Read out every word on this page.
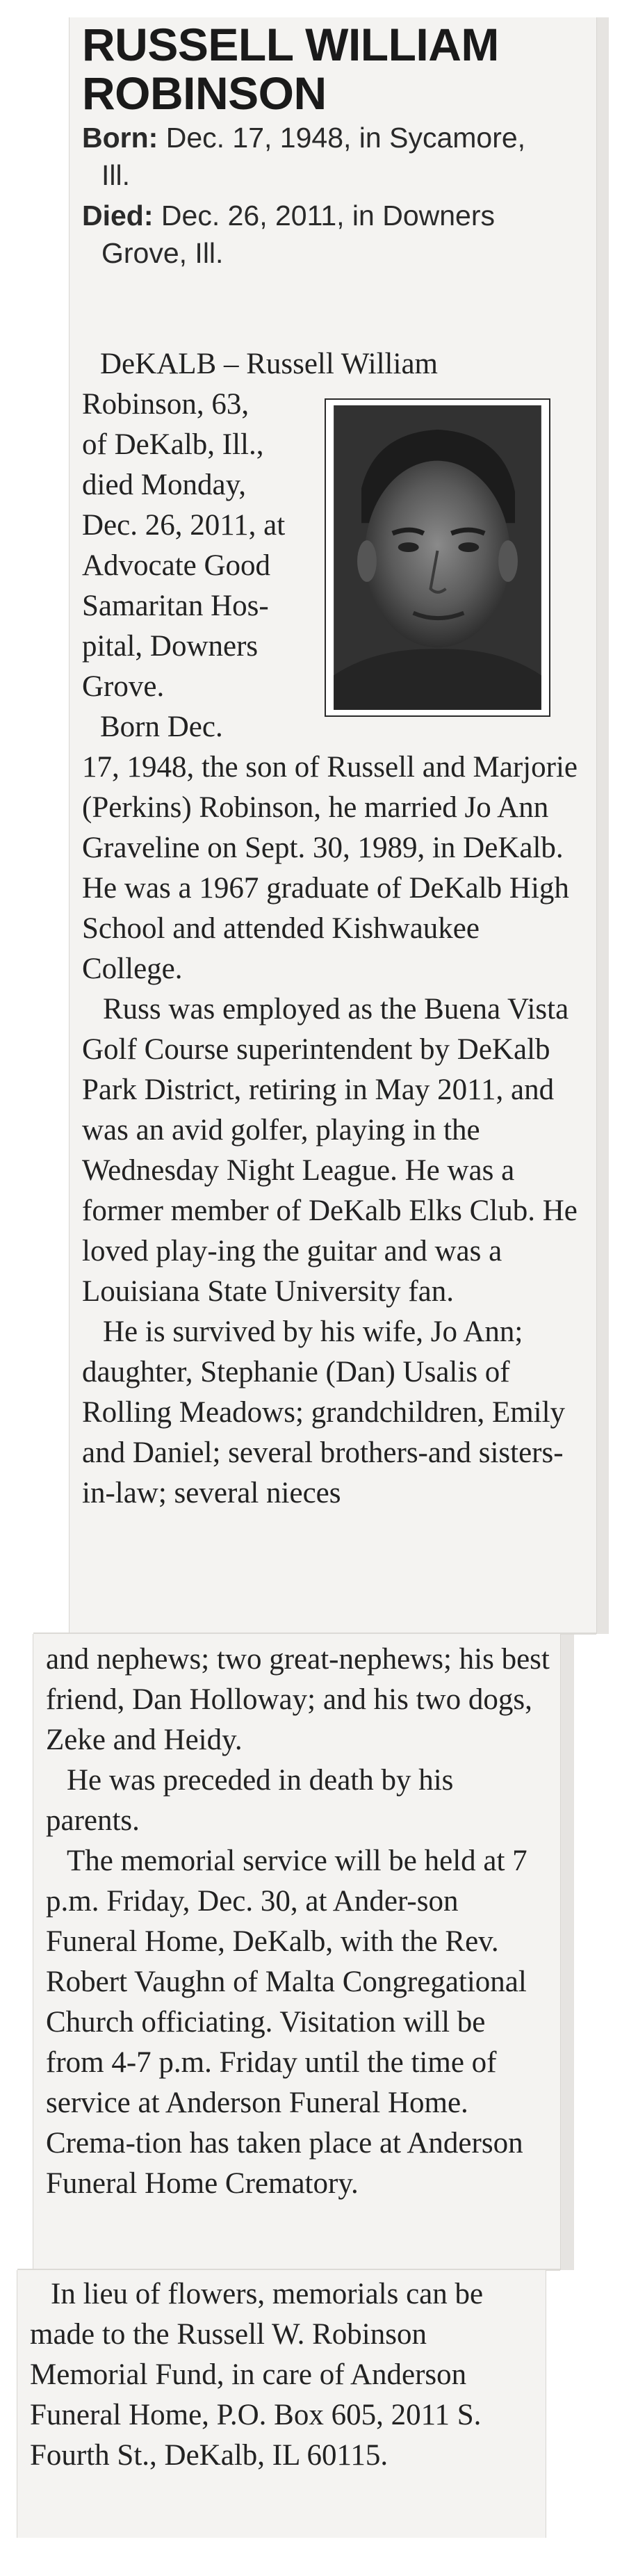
RUSSELL WILLIAM
ROBINSON
Born: Dec. 17, 1948, in Sycamore,
Ill.
Died: Dec. 26, 2011, in Downers
Grove, Ill.
DeKALB – Russell William
Robinson, 63,
of DeKalb, Ill.,
died Monday,
Dec. 26, 2011, at
Advocate Good
Samaritan Hos-
pital, Downers
Grove.
Born Dec.

17, 1948, the son of Russell and Marjorie (Perkins) Robinson, he married Jo Ann Graveline on Sept. 30, 1989, in DeKalb. He was a 1967 graduate of DeKalb High School and attended Kishwaukee College.

Russ was employed as the Buena Vista Golf Course superintendent by DeKalb Park District, retiring in May 2011, and was an avid golfer, playing in the Wednesday Night League. He was a former member of DeKalb Elks Club. He loved play-ing the guitar and was a Louisiana State University fan.

He is survived by his wife, Jo Ann; daughter, Stephanie (Dan) Usalis of Rolling Meadows; grandchildren, Emily and Daniel; several brothers-and sisters-in-law; several nieces

and nephews; two great-nephews; his best friend, Dan Holloway; and his two dogs, Zeke and Heidy.

He was preceded in death by his parents.

The memorial service will be held at 7 p.m. Friday, Dec. 30, at Ander-son Funeral Home, DeKalb, with the Rev. Robert Vaughn of Malta Congregational Church officiating. Visitation will be from 4-7 p.m. Friday until the time of service at Anderson Funeral Home. Crema-tion has taken place at Anderson Funeral Home Crematory.

In lieu of flowers, memorials can be made to the Russell W. Robinson Memorial Fund, in care of Anderson Funeral Home, P.O. Box 605, 2011 S. Fourth St., DeKalb, IL 60115.
